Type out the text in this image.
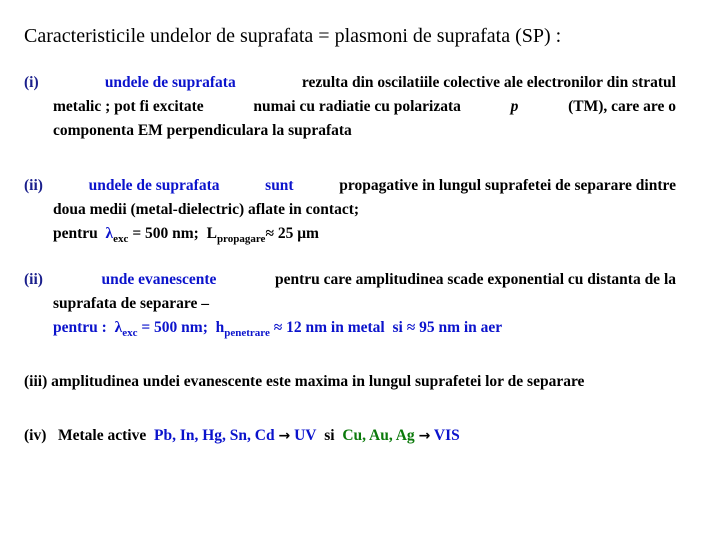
Caracteristicile undelor de suprafata = plasmoni de suprafata (SP) :
(i)	undele de suprafata	rezulta din oscilatiile colective ale electronilor din stratul
metalic ; pot fi excitate	numai cu radiatie cu polarizata	p	(TM), care are o
componenta EM perpendiculara la suprafata
(ii)	undele de suprafata	sunt	propagative in lungul suprafetei de separare dintre
doua medii (metal-dielectric) aflate in contact;
pentru $\lambda_{exc} = 500$ nm; $L_{propagare}\approx 25$ μm
(ii)	unde evanescente	pentru care amplitudinea scade exponential cu distanta de la
suprafata de separare –
pentru : $\lambda_{exc} = 500$ nm; $h_{penetrare} \approx 12$ nm in metal si ≈ 95 nm in aer
(iii) amplitudinea undei evanescente este maxima in lungul suprafetei lor de separare
(iv) Metale active Pb, In, Hg, Sn, Cd → UV si Cu, Au, Ag → VIS
